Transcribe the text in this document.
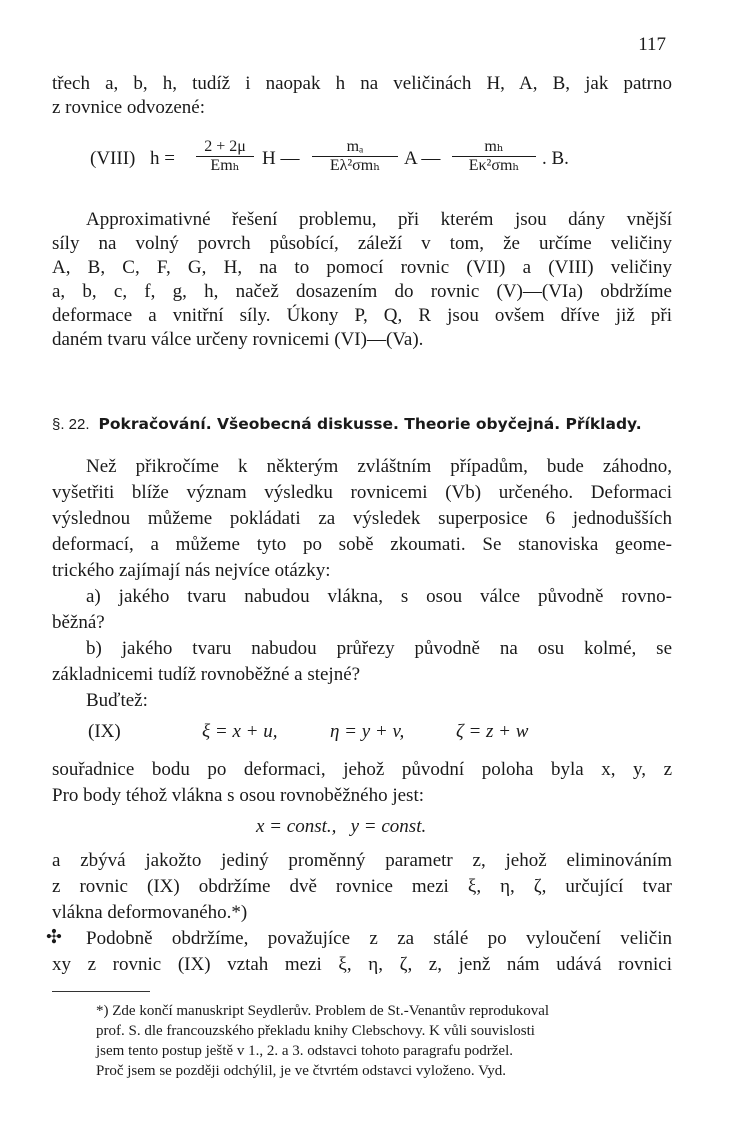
117
třech a, b, h, tudíž i naopak h na veličinách H, A, B, jak patrno
z rovnice odvozené:
(VIII) h =
2 + 2μ
Emₕ	H —
mₐ
Eλ²σmₕ	A —
mₕ
Eκ²σmₕ	. B.
Approximativné řešení problemu, při kterém jsou dány vnější
síly na volný povrch působící, záleží v tom, že určíme veličiny
A, B, C, F, G, H, na to pomocí rovnic (VII) a (VIII) veličiny
a, b, c, f, g, h, načež dosazením do rovnic (V)—(VIa) obdržíme
deformace a vnitřní síly. Úkony P, Q, R jsou ovšem dříve již při
daném tvaru válce určeny rovnicemi (VI)—(Va).
§. 22. Pokračování. Všeobecná diskusse. Theorie obyčejná. Příklady.
Než přikročíme k některým zvláštním případům, bude záhodno,
vyšetřiti blíže význam výsledku rovnicemi (Vb) určeného. Deformaci
výslednou můžeme pokládati za výsledek superposice 6 jednodušších
deformací, a můžeme tyto po sobě zkoumati. Se stanoviska geome-
trického zajímají nás nejvíce otázky:
a) jakého tvaru nabudou vlákna, s osou válce původně rovno-
běžná?
b) jakého tvaru nabudou průřezy původně na osu kolmé, se
základnicemi tudíž rovnoběžné a stejné?
Buďtež:
(IX)	ξ = x + u,	η = y + v,	ζ = z + w
souřadnice bodu po deformaci, jehož původní poloha byla x, y, z
Pro body téhož vlákna s osou rovnoběžného jest:
x = const.,   y = const.
a zbývá jakožto jediný proměnný parametr z, jehož eliminováním
z rovnic (IX) obdržíme dvě rovnice mezi ξ, η, ζ, určující tvar
vlákna deformovaného.*)
✣	Podobně obdržíme, považujíce z za stálé po vyloučení veličin
xy z rovnic (IX) vztah mezi ξ, η, ζ, z, jenž nám udává rovnici
*) Zde končí manuskript Seydlerův. Problem de St.-Venantův reprodukoval
prof. S. dle francouzského překladu knihy Clebschovy. K vůli souvislosti
jsem tento postup ještě v 1., 2. a 3. odstavci tohoto paragrafu podržel.
Proč jsem se později odchýlil, je ve čtvrtém odstavci vyloženo. Vyd.
